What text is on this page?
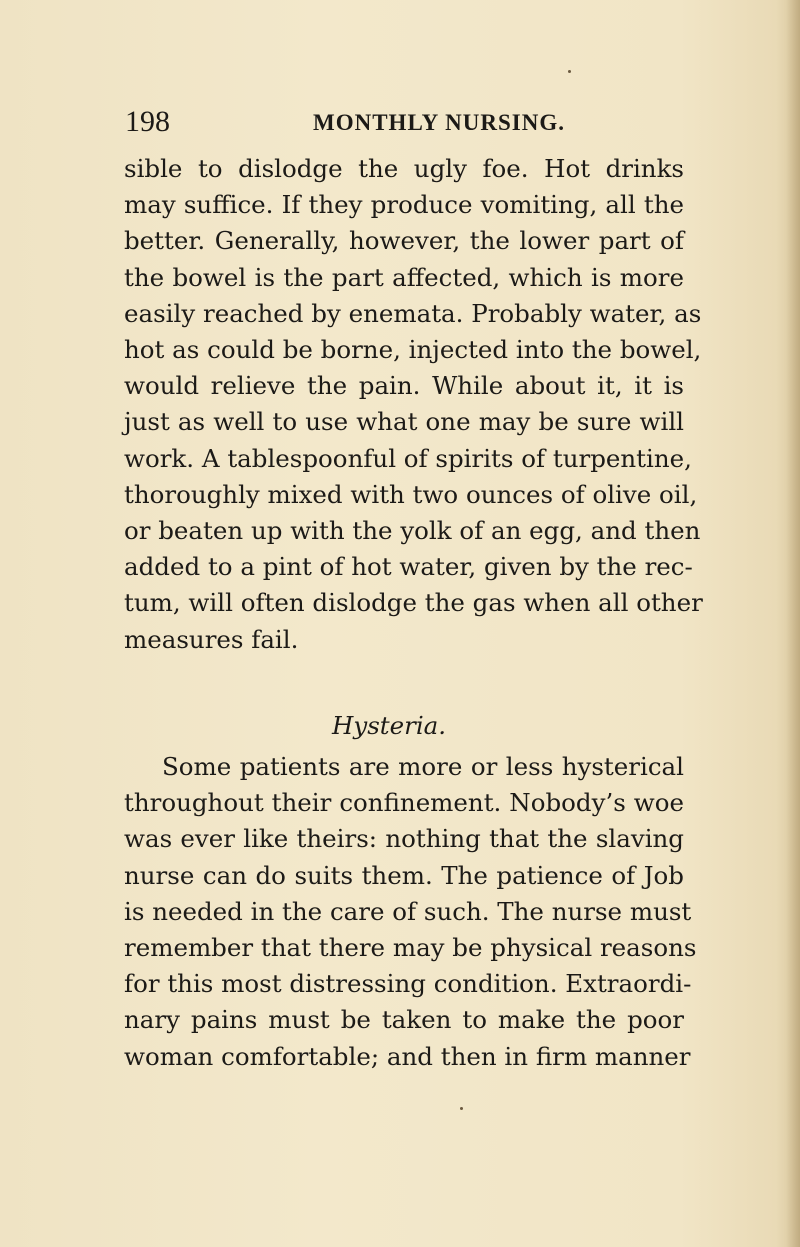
198	MONTHLY NURSING.
sible to dislodge the ugly foe. Hot drinks
may suffice. If they produce vomiting, all the
better. Generally, however, the lower part of
the bowel is the part affected, which is more
easily reached by enemata. Probably water, as
hot as could be borne, injected into the bowel,
would relieve the pain. While about it, it is
just as well to use what one may be sure will
work. A tablespoonful of spirits of turpentine,
thoroughly mixed with two ounces of olive oil,
or beaten up with the yolk of an egg, and then
added to a pint of hot water, given by the rec-
tum, will often dislodge the gas when all other
measures fail.
Hysteria.
Some patients are more or less hysterical
throughout their confinement. Nobody’s woe
was ever like theirs: nothing that the slaving
nurse can do suits them. The patience of Job
is needed in the care of such. The nurse must
remember that there may be physical reasons
for this most distressing condition. Extraordi-
nary pains must be taken to make the poor
woman comfortable; and then in firm manner
